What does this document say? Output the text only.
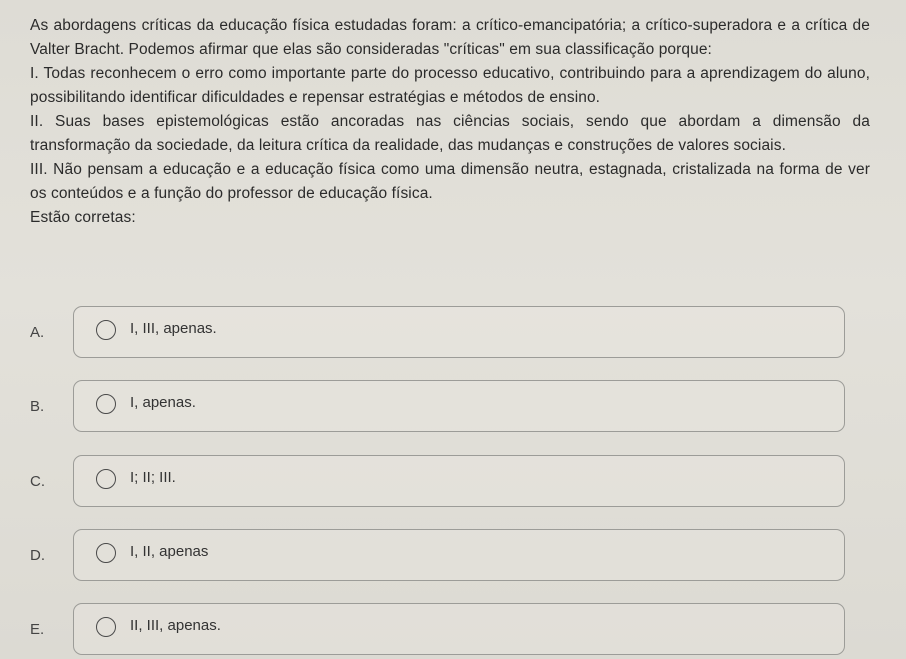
As abordagens críticas da educação física estudadas foram: a crítico-emancipatória; a crítico-superadora e a crítica de Valter Bracht. Podemos afirmar que elas são consideradas "críticas" em sua classificação porque:

I. Todas reconhecem o erro como importante parte do processo educativo, contribuindo para a aprendizagem do aluno, possibilitando identificar dificuldades e repensar estratégias e métodos de ensino.

II. Suas bases epistemológicas estão ancoradas nas ciências sociais, sendo que abordam a dimensão da transformação da sociedade, da leitura crítica da realidade, das mudanças e construções de valores sociais.

III. Não pensam a educação e a educação física como uma dimensão neutra, estagnada, cristalizada na forma de ver os conteúdos e a função do professor de educação física.

Estão corretas:

A.	I, III, apenas.
B.	I, apenas.
C.	I; II; III.
D.	I, II, apenas
E.	II, III, apenas.
